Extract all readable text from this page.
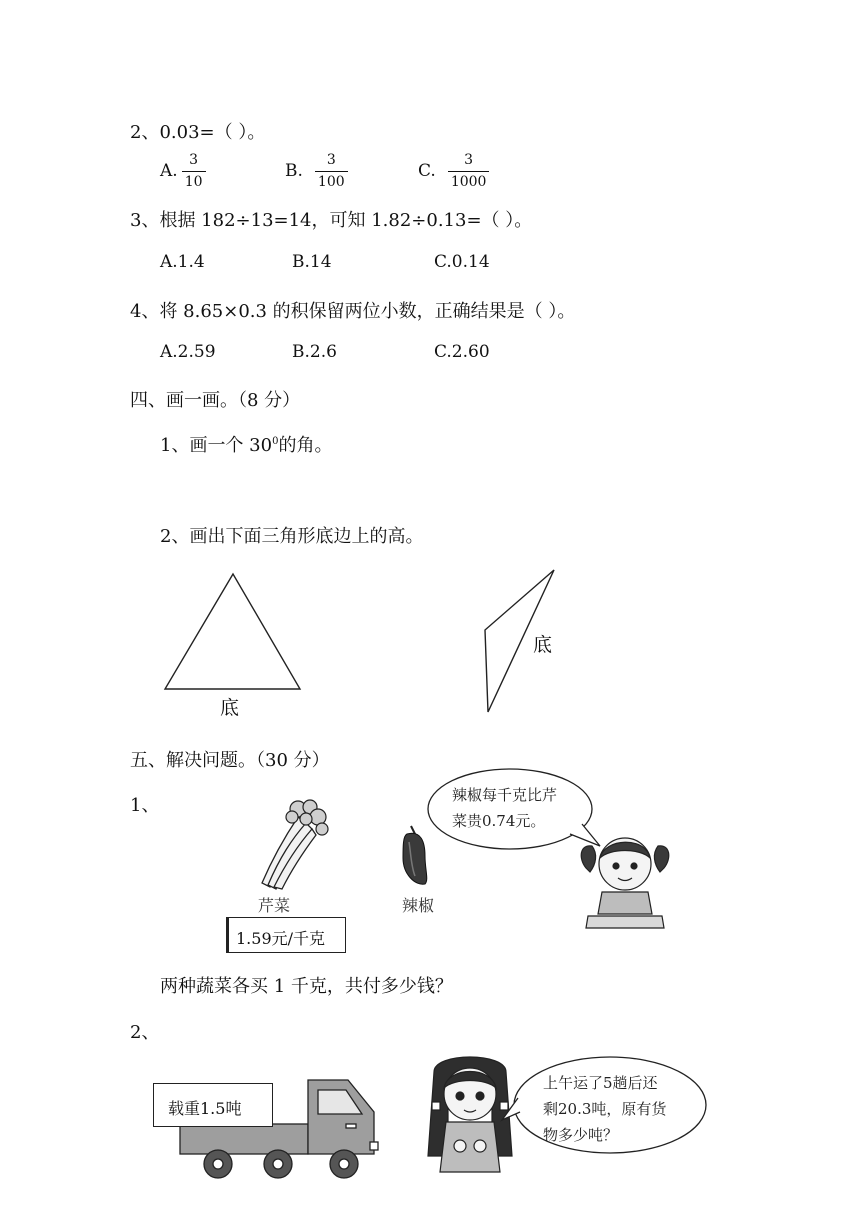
2、0.03=（ ）。
A. $\frac{3}{10}$	B. $\frac{3}{100}$	C. $\frac{3}{1000}$
3、根据 182÷13=14，可知 1.82÷0.13=（ ）。
A.1.4	B.14	C.0.14
4、将 8.65×0.3 的积保留两位小数，正确结果是（ ）。
A.2.59	B.2.6	C.2.60
四、画一画。（8 分）
1、画一个 $30^0$的角。
2、画出下面三角形底边上的高。
底
底
五、解决问题。（30 分）
1、
芹菜	辣椒
1.59元/千克
辣椒每千克比芹
菜贵0.74元。
两种蔬菜各买 1 千克，共付多少钱？
2、
载重1.5吨
上午运了5趟后还
剩20.3吨，原有货
物多少吨？
